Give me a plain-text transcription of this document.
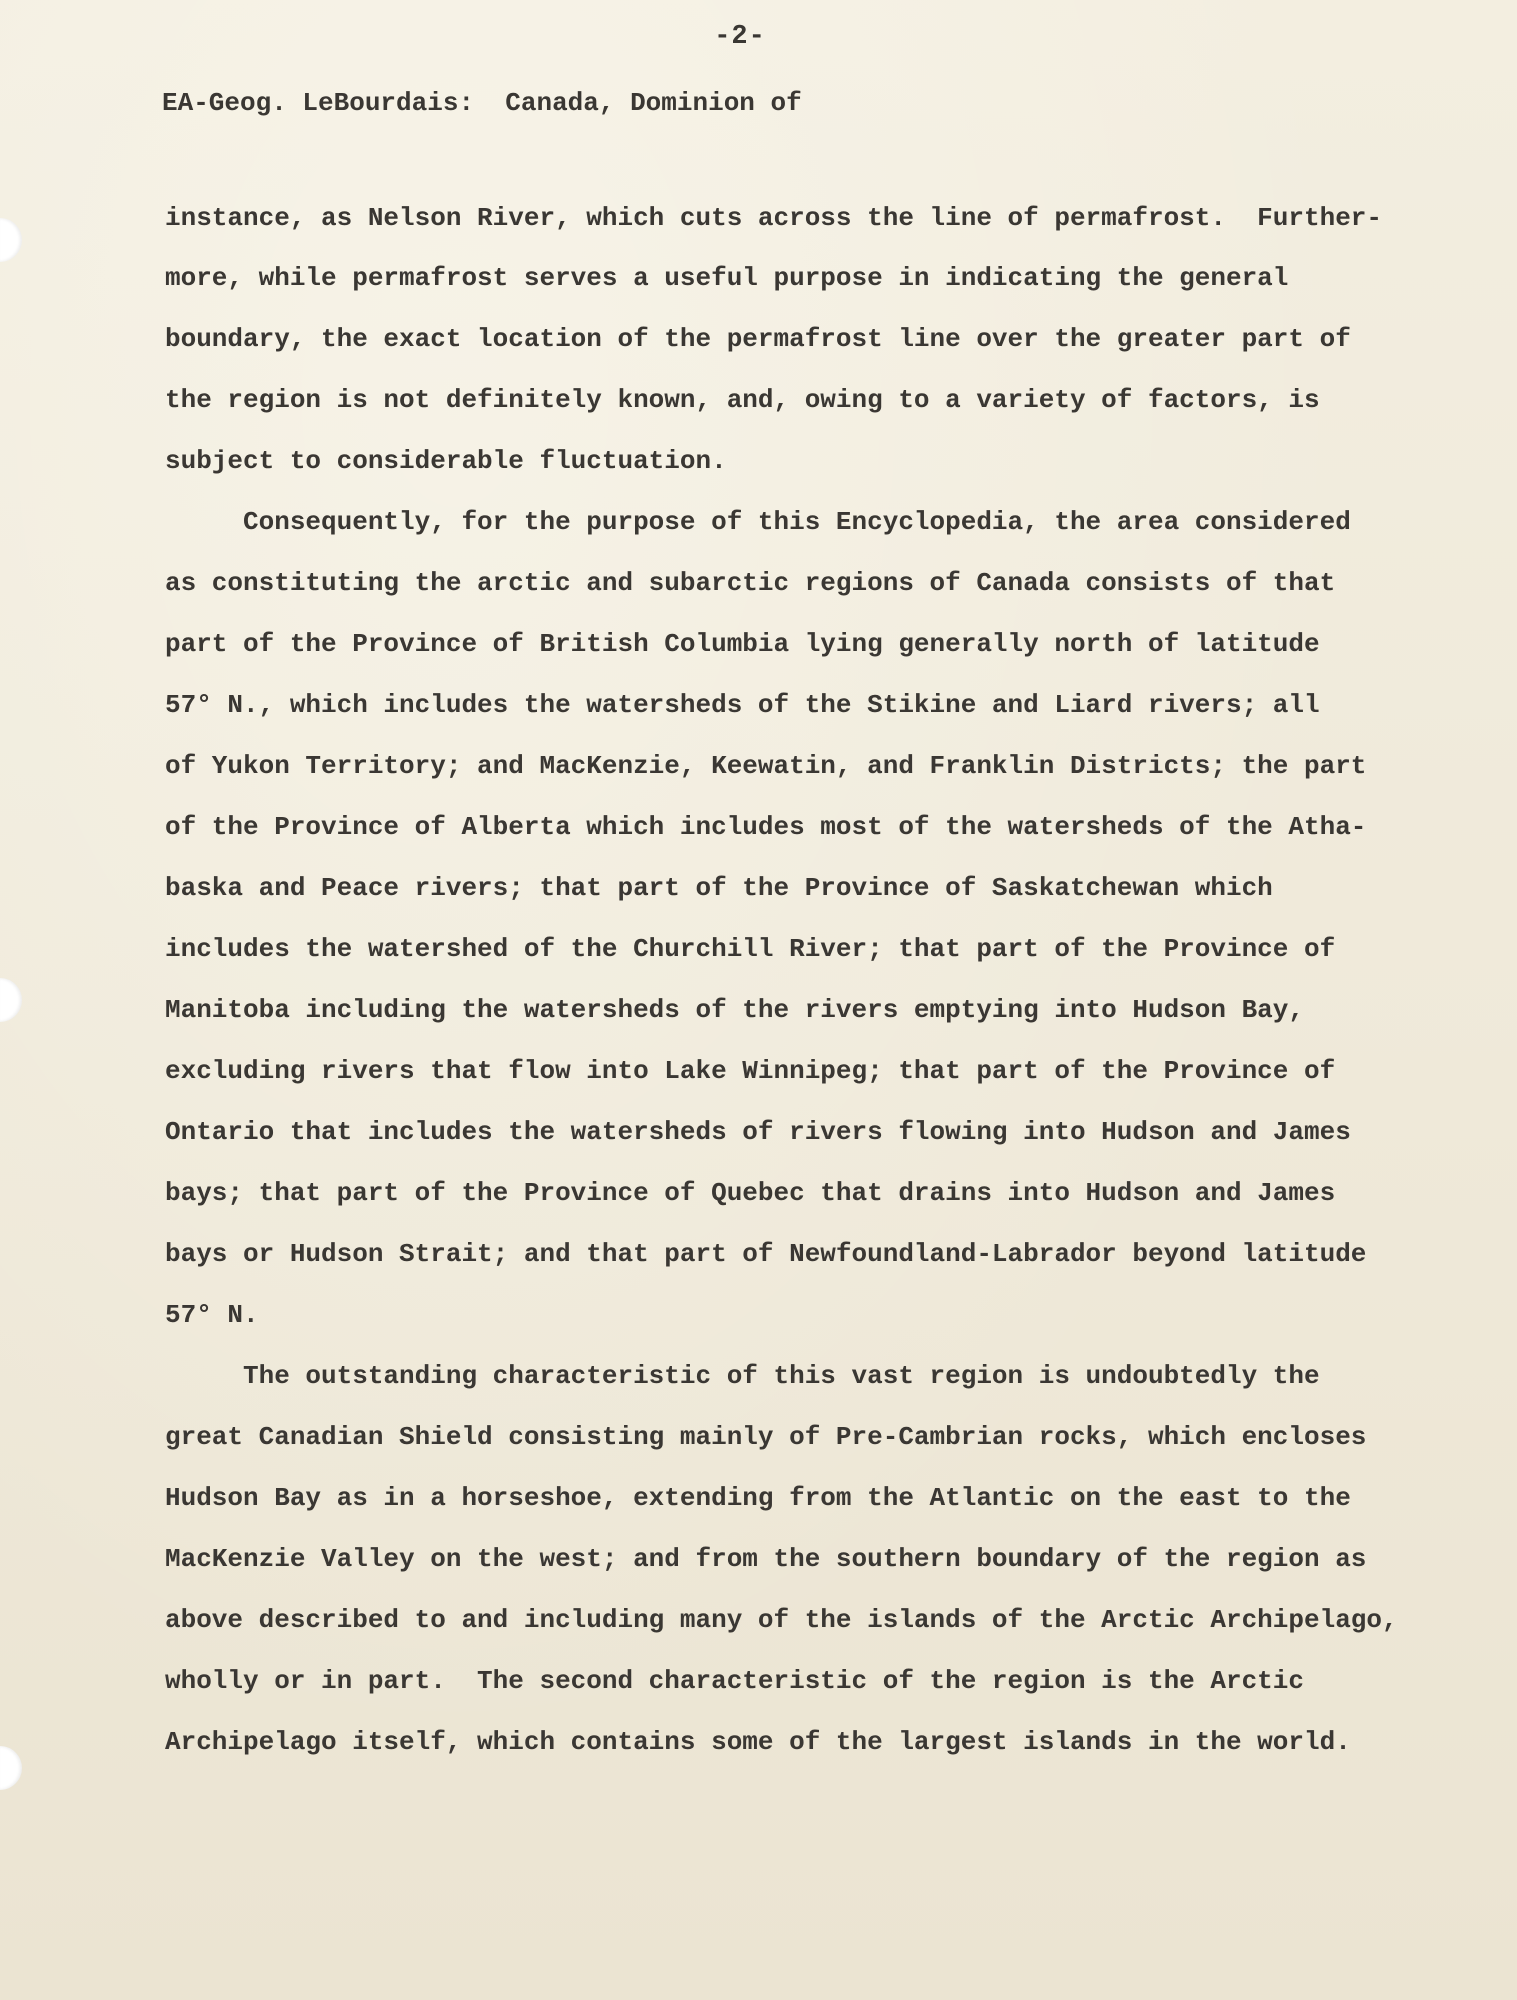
-2-
EA-Geog. LeBourdais:  Canada, Dominion of
instance, as Nelson River, which cuts across the line of permafrost.  Further-
more, while permafrost serves a useful purpose in indicating the general
boundary, the exact location of the permafrost line over the greater part of
the region is not definitely known, and, owing to a variety of factors, is
subject to considerable fluctuation.
Consequently, for the purpose of this Encyclopedia, the area considered
as constituting the arctic and subarctic regions of Canada consists of that
part of the Province of British Columbia lying generally north of latitude
57° N., which includes the watersheds of the Stikine and Liard rivers; all
of Yukon Territory; and MacKenzie, Keewatin, and Franklin Districts; the part
of the Province of Alberta which includes most of the watersheds of the Atha-
baska and Peace rivers; that part of the Province of Saskatchewan which
includes the watershed of the Churchill River; that part of the Province of
Manitoba including the watersheds of the rivers emptying into Hudson Bay,
excluding rivers that flow into Lake Winnipeg; that part of the Province of
Ontario that includes the watersheds of rivers flowing into Hudson and James
bays; that part of the Province of Quebec that drains into Hudson and James
bays or Hudson Strait; and that part of Newfoundland-Labrador beyond latitude
57° N.
The outstanding characteristic of this vast region is undoubtedly the
great Canadian Shield consisting mainly of Pre-Cambrian rocks, which encloses
Hudson Bay as in a horseshoe, extending from the Atlantic on the east to the
MacKenzie Valley on the west; and from the southern boundary of the region as
above described to and including many of the islands of the Arctic Archipelago,
wholly or in part.  The second characteristic of the region is the Arctic
Archipelago itself, which contains some of the largest islands in the world.
